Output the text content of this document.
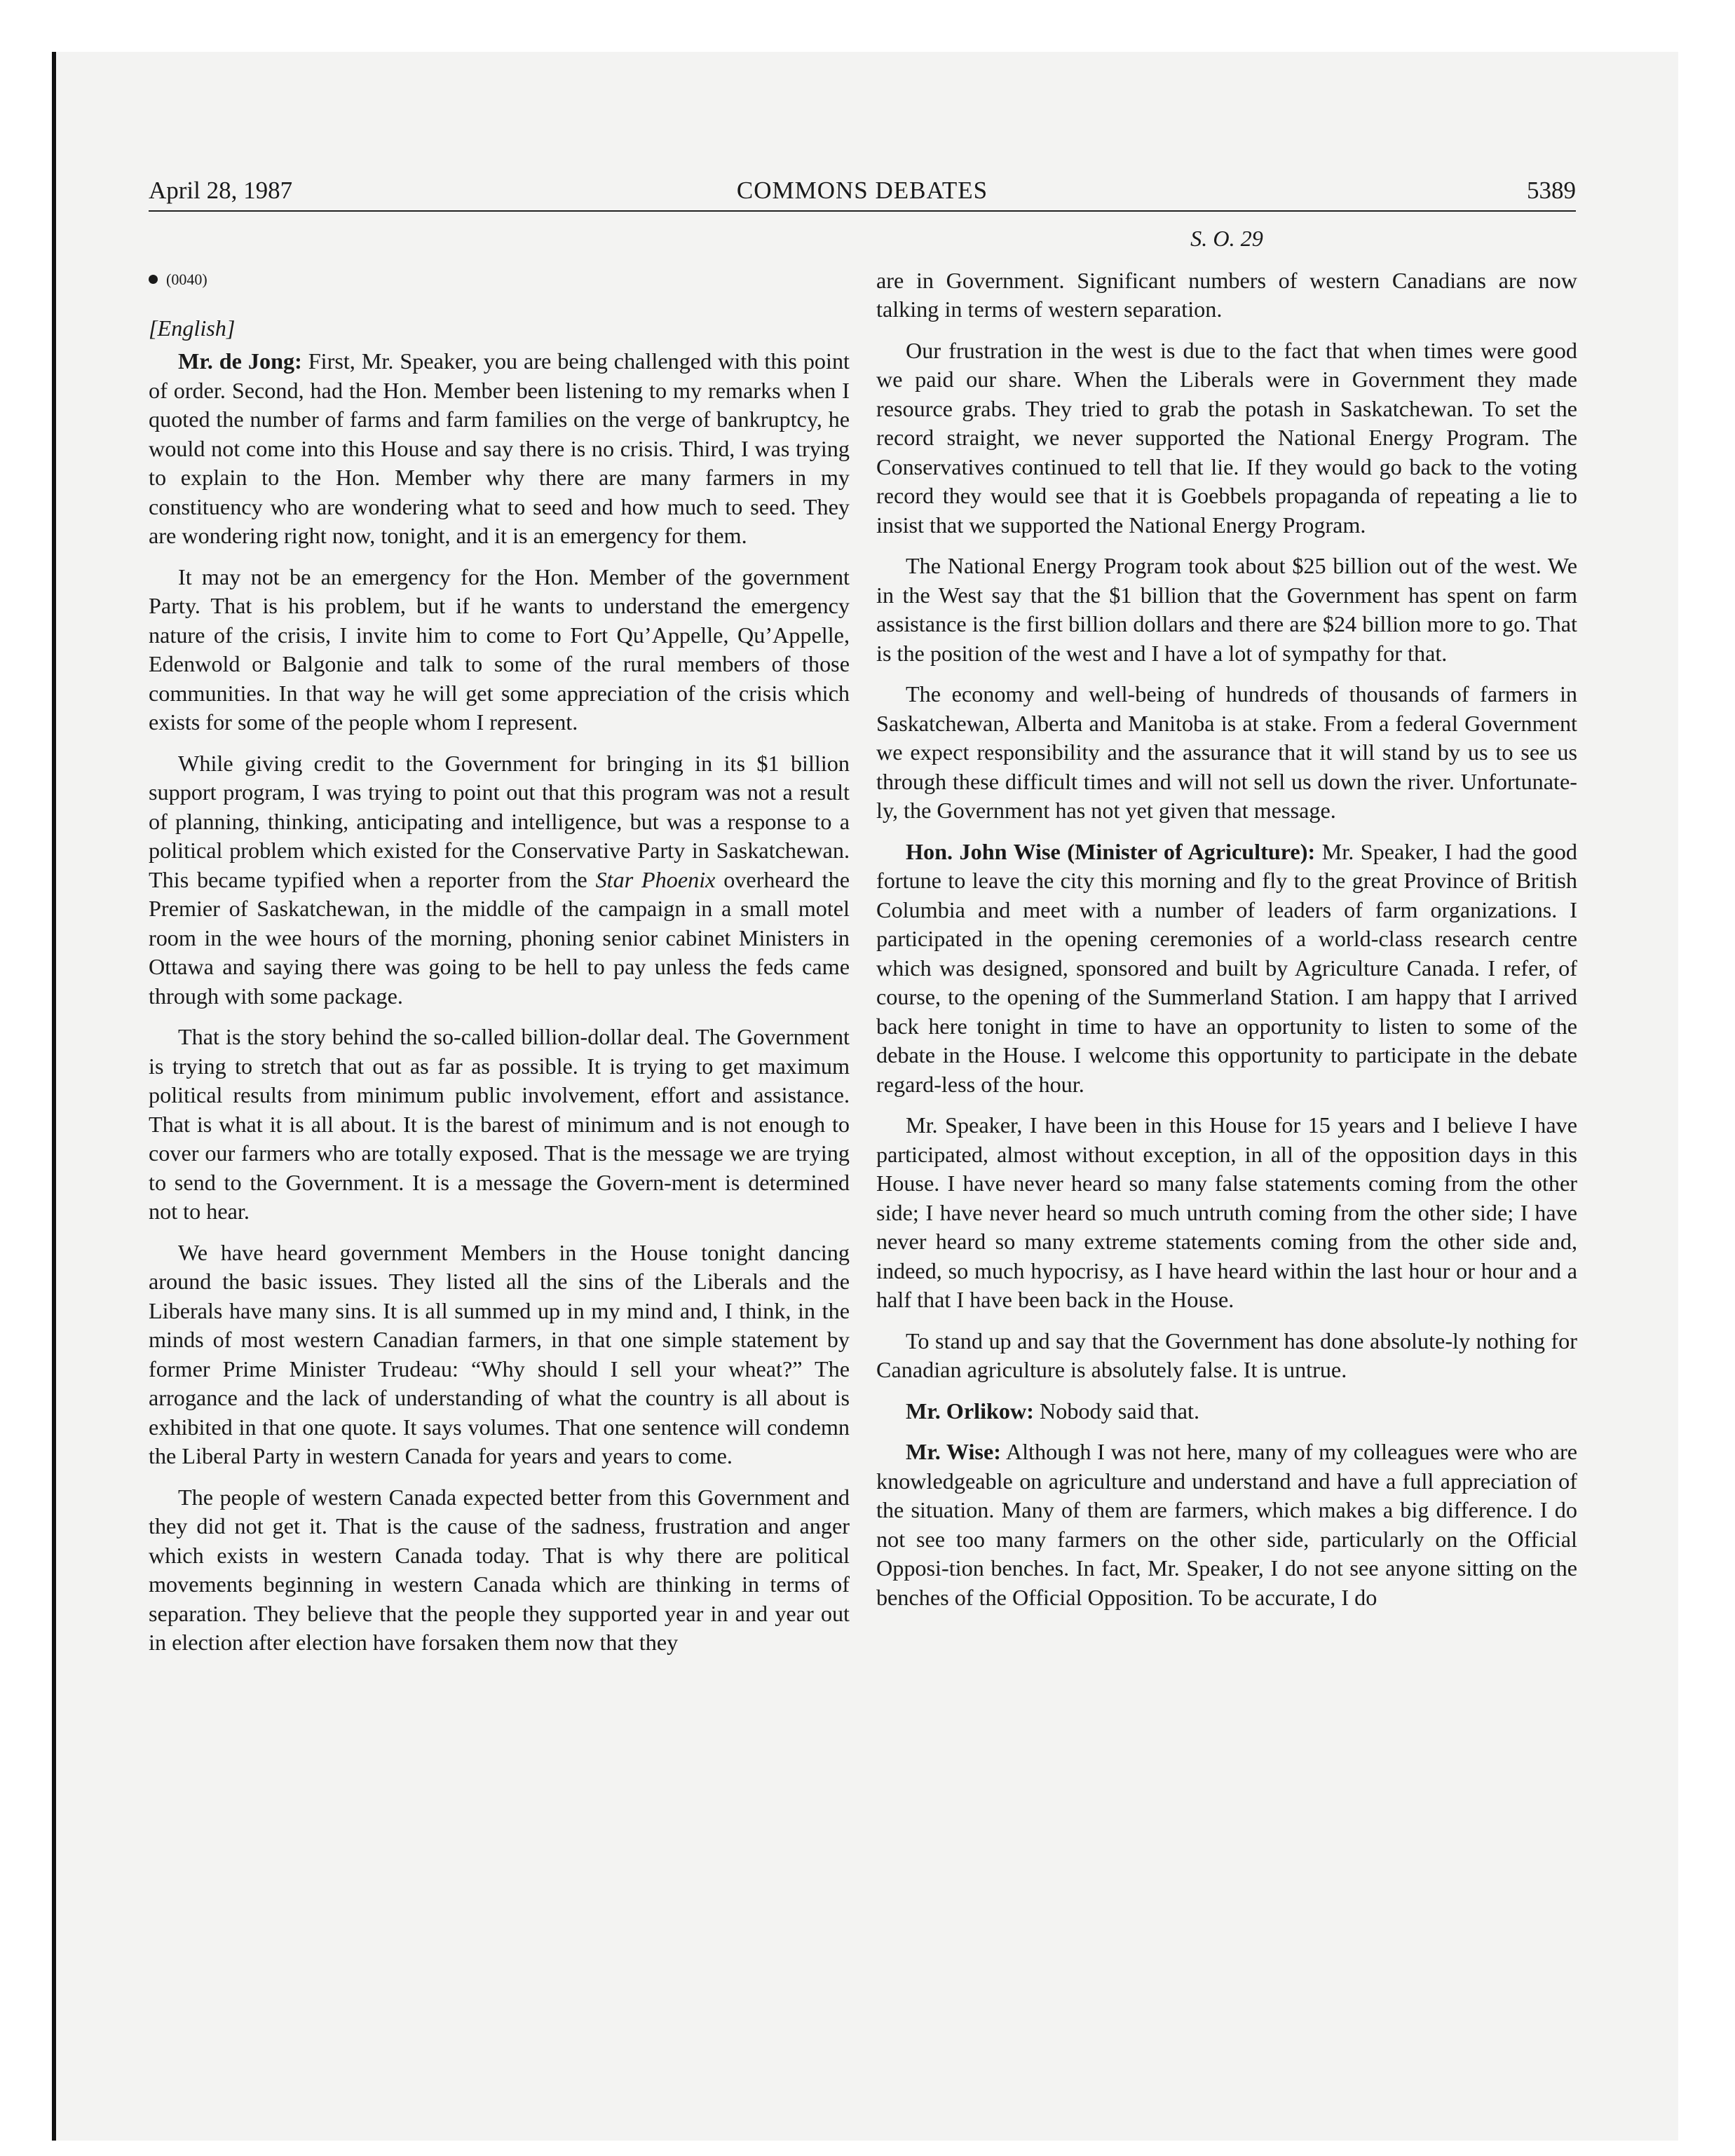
April 28, 1987	COMMONS DEBATES	5389
(0040)
[English]

Mr. de Jong: First, Mr. Speaker, you are being challenged with this point of order. Second, had the Hon. Member been listening to my remarks when I quoted the number of farms and farm families on the verge of bankruptcy, he would not come into this House and say there is no crisis. Third, I was trying to explain to the Hon. Member why there are many farmers in my constituency who are wondering what to seed and how much to seed. They are wondering right now, tonight, and it is an emergency for them.

It may not be an emergency for the Hon. Member of the government Party. That is his problem, but if he wants to understand the emergency nature of the crisis, I invite him to come to Fort Qu’Appelle, Qu’Appelle, Edenwold or Balgonie and talk to some of the rural members of those communities. In that way he will get some appreciation of the crisis which exists for some of the people whom I represent.

While giving credit to the Government for bringing in its $1 billion support program, I was trying to point out that this program was not a result of planning, thinking, anticipating and intelligence, but was a response to a political problem which existed for the Conservative Party in Saskatchewan. This became typified when a reporter from the Star Phoenix overheard the Premier of Saskatchewan, in the middle of the campaign in a small motel room in the wee hours of the morning, phoning senior cabinet Ministers in Ottawa and saying there was going to be hell to pay unless the feds came through with some package.

That is the story behind the so-called billion-dollar deal. The Government is trying to stretch that out as far as possible. It is trying to get maximum political results from minimum public involvement, effort and assistance. That is what it is all about. It is the barest of minimum and is not enough to cover our farmers who are totally exposed. That is the message we are trying to send to the Government. It is a message the Govern-ment is determined not to hear.

We have heard government Members in the House tonight dancing around the basic issues. They listed all the sins of the Liberals and the Liberals have many sins. It is all summed up in my mind and, I think, in the minds of most western Canadian farmers, in that one simple statement by former Prime Minister Trudeau: “Why should I sell your wheat?” The arrogance and the lack of understanding of what the country is all about is exhibited in that one quote. It says volumes. That one sentence will condemn the Liberal Party in western Canada for years and years to come.

The people of western Canada expected better from this Government and they did not get it. That is the cause of the sadness, frustration and anger which exists in western Canada today. That is why there are political movements beginning in western Canada which are thinking in terms of separation. They believe that the people they supported year in and year out in election after election have forsaken them now that they

S. O. 29

are in Government. Significant numbers of western Canadians are now talking in terms of western separation.

Our frustration in the west is due to the fact that when times were good we paid our share. When the Liberals were in Government they made resource grabs. They tried to grab the potash in Saskatchewan. To set the record straight, we never supported the National Energy Program. The Conservatives continued to tell that lie. If they would go back to the voting record they would see that it is Goebbels propaganda of repeating a lie to insist that we supported the National Energy Program.

The National Energy Program took about $25 billion out of the west. We in the West say that the $1 billion that the Government has spent on farm assistance is the first billion dollars and there are $24 billion more to go. That is the position of the west and I have a lot of sympathy for that.

The economy and well-being of hundreds of thousands of farmers in Saskatchewan, Alberta and Manitoba is at stake. From a federal Government we expect responsibility and the assurance that it will stand by us to see us through these difficult times and will not sell us down the river. Unfortunate-ly, the Government has not yet given that message.

Hon. John Wise (Minister of Agriculture): Mr. Speaker, I had the good fortune to leave the city this morning and fly to the great Province of British Columbia and meet with a number of leaders of farm organizations. I participated in the opening ceremonies of a world-class research centre which was designed, sponsored and built by Agriculture Canada. I refer, of course, to the opening of the Summerland Station. I am happy that I arrived back here tonight in time to have an opportunity to listen to some of the debate in the House. I welcome this opportunity to participate in the debate regard-less of the hour.

Mr. Speaker, I have been in this House for 15 years and I believe I have participated, almost without exception, in all of the opposition days in this House. I have never heard so many false statements coming from the other side; I have never heard so much untruth coming from the other side; I have never heard so many extreme statements coming from the other side and, indeed, so much hypocrisy, as I have heard within the last hour or hour and a half that I have been back in the House.

To stand up and say that the Government has done absolute-ly nothing for Canadian agriculture is absolutely false. It is untrue.

Mr. Orlikow: Nobody said that.

Mr. Wise: Although I was not here, many of my colleagues were who are knowledgeable on agriculture and understand and have a full appreciation of the situation. Many of them are farmers, which makes a big difference. I do not see too many farmers on the other side, particularly on the Official Opposi-tion benches. In fact, Mr. Speaker, I do not see anyone sitting on the benches of the Official Opposition. To be accurate, I do
